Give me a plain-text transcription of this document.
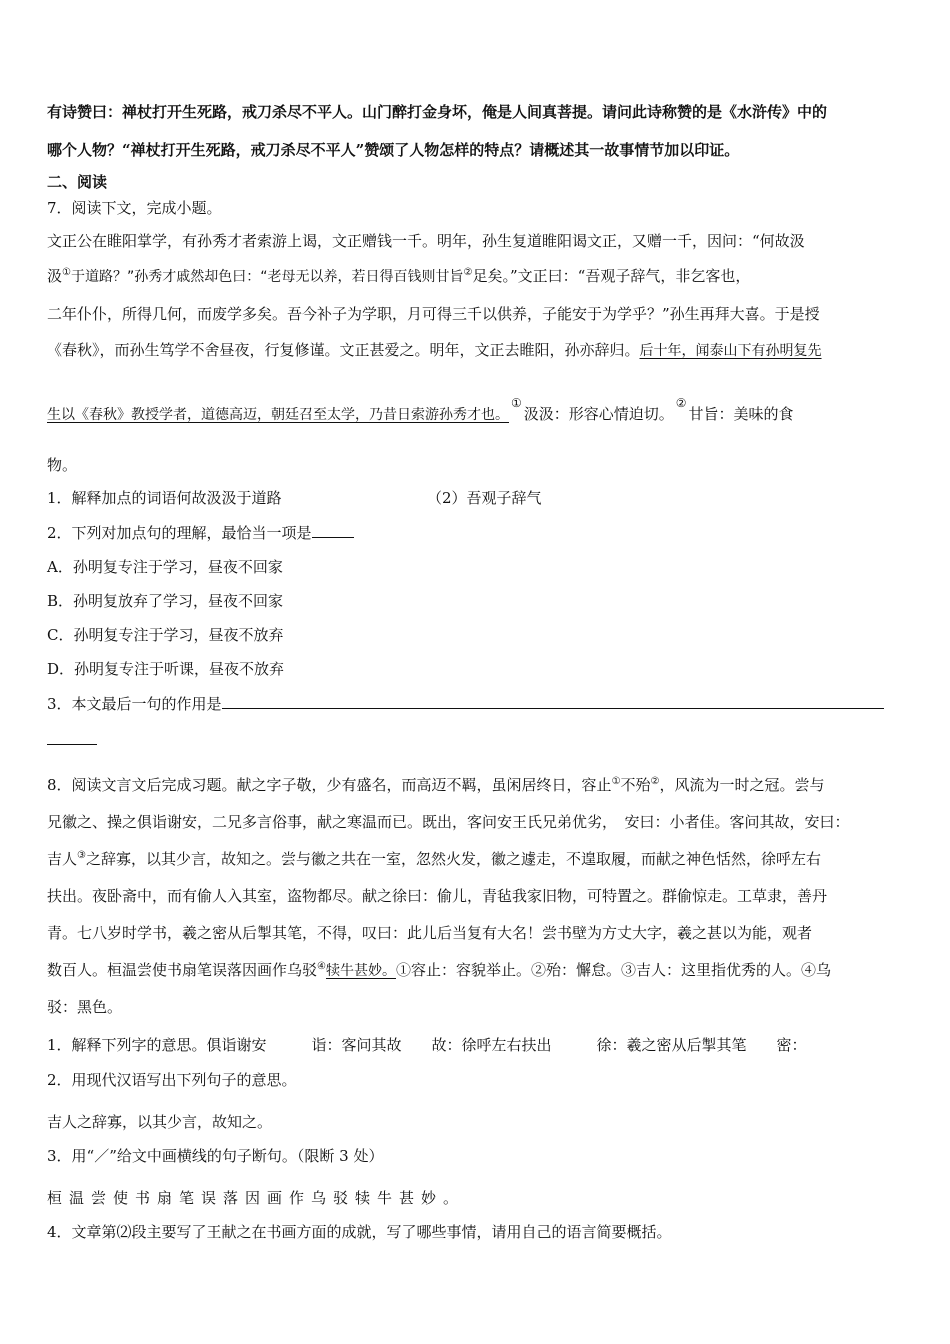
有诗赞曰：禅杖打开生死路，戒刀杀尽不平人。山门醉打金身坏，俺是人间真菩提。请问此诗称赞的是《水浒传》中的
哪个人物？“禅杖打开生死路，戒刀杀尽不平人”赞颂了人物怎样的特点？请概述其一故事情节加以印证。
二、阅读
7．阅读下文，完成小题。
文正公在睢阳掌学，有孙秀才者索游上谒，文正赠钱一千。明年，孙生复道睢阳谒文正，又赠一千，因问：“何故汲
汲①于道路？”孙秀才戚然却色曰：“老母无以养，若日得百钱则甘旨②足矣。”文正曰：“吾观子辞气，非乞客也，
二年仆仆，所得几何，而废学多矣。吾今补子为学职，月可得三千以供养，子能安于为学乎？”孙生再拜大喜。于是授
《春秋》，而孙生笃学不舍昼夜，行复修谨。文正甚爱之。明年，文正去睢阳，孙亦辞归。后十年，闻泰山下有孙明复先
生以《春秋》教授学者，道德高迈，朝廷召至太学，乃昔日索游孙秀才也。①汲汲：形容心情迫切。②甘旨：美味的食
物。
1．解释加点的词语何故汲汲于道路	（2）吾观子辞气
2．下列对加点句的理解，最恰当一项是
A．孙明复专注于学习，昼夜不回家
B．孙明复放弃了学习，昼夜不回家
C．孙明复专注于学习，昼夜不放弃
D．孙明复专注于听课，昼夜不放弃
3．本文最后一句的作用是
8．阅读文言文后完成习题。献之字子敬，少有盛名，而高迈不羁，虽闲居终日，容止①不殆②，风流为一时之冠。尝与
兄徽之、操之俱诣谢安，二兄多言俗事，献之寒温而已。既出，客问安王氏兄弟优劣，　安曰：小者佳。客问其故，安曰：
吉人③之辞寡，以其少言，故知之。尝与徽之共在一室，忽然火发，徽之遽走，不遑取履，而献之神色恬然，徐呼左右
扶出。夜卧斋中，而有偷人入其室，盗物都尽。献之徐曰：偷儿，青毡我家旧物，可特置之。群偷惊走。工草隶，善丹
青。七八岁时学书，羲之密从后掣其笔，不得，叹曰：此儿后当复有大名！尝书壁为方丈大字，羲之甚以为能，观者
数百人。桓温尝使书扇笔误落因画作乌驳④犊牛甚妙。①容止：容貌举止。②殆：懈怠。③吉人：这里指优秀的人。④乌
驳：黑色。
1．解释下列字的意思。俱诣谢安　　　诣：客问其故　　故：徐呼左右扶出　　　徐：羲之密从后掣其笔　　密：
2．用现代汉语写出下列句子的意思。
吉人之辞寡，以其少言，故知之。
3．用“／”给文中画横线的句子断句。（限断 3 处）
桓温尝使书扇笔误落因画作乌驳犊牛甚妙。
4．文章第⑵段主要写了王献之在书画方面的成就，写了哪些事情，请用自己的语言简要概括。
